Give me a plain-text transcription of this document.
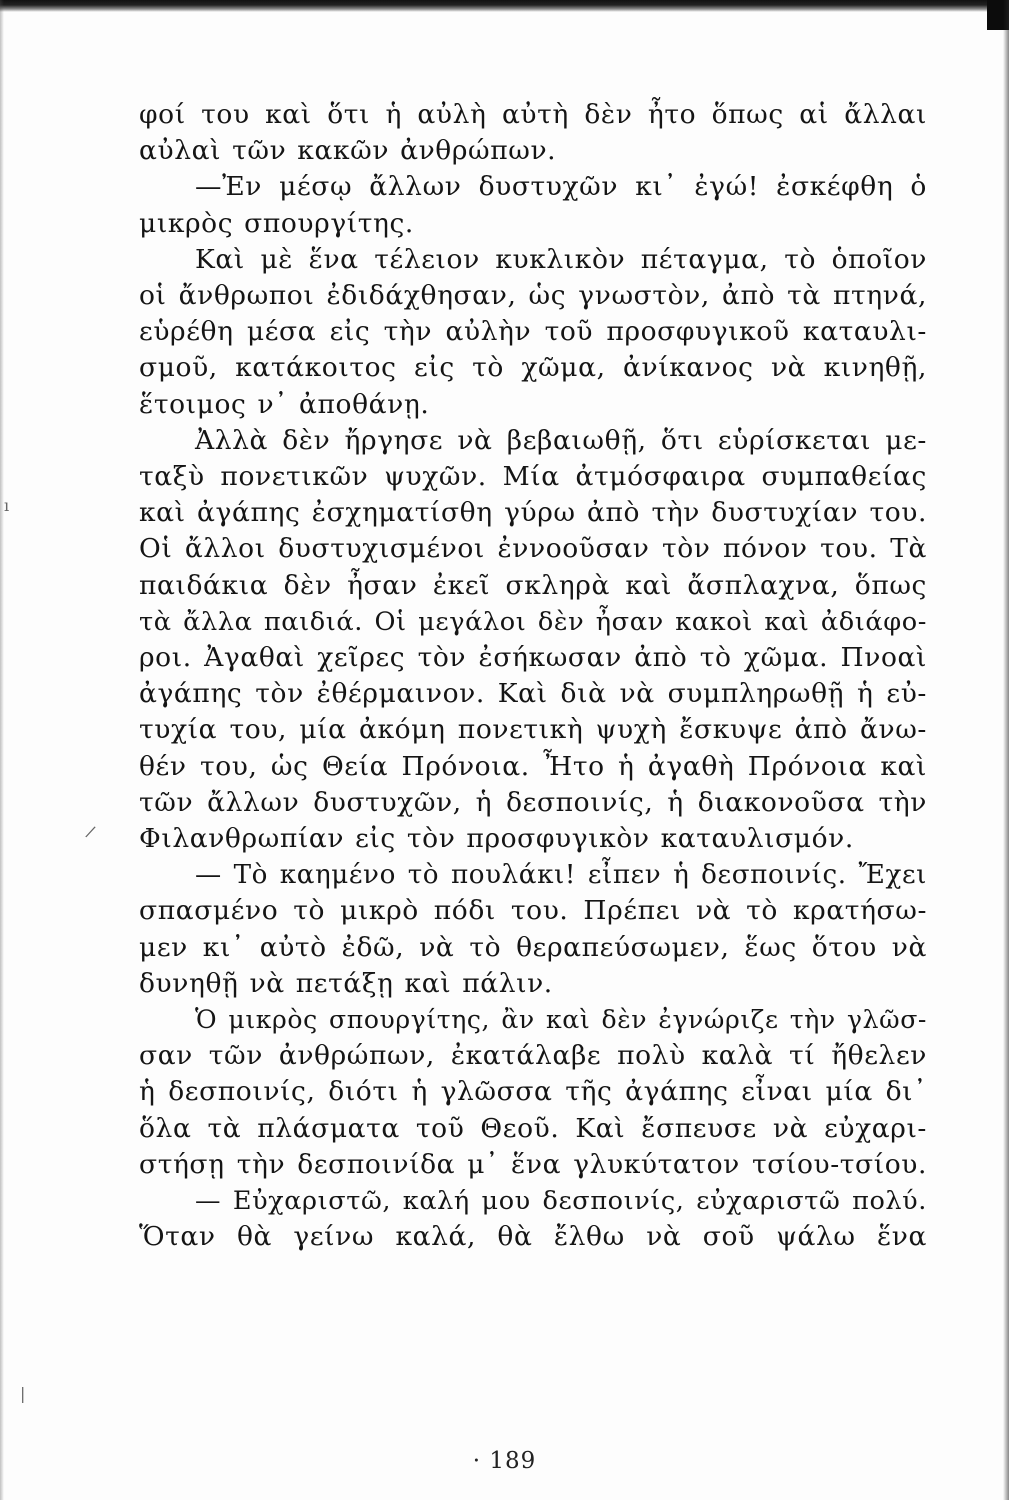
ı
/
|
φοί του καὶ ὅτι ἡ αὐλὴ αὐτὴ δὲν ἦτο ὅπως αἱ ἄλλαι
αὐλαὶ τῶν κακῶν ἀνθρώπων.
—Ἐν μέσῳ ἄλλων δυστυχῶν κι᾽ ἐγώ! ἐσκέφθη ὁ
μικρὸς σπουργίτης.
Καὶ μὲ ἕνα τέλειον κυκλικὸν πέταγμα, τὸ ὁποῖον
οἱ ἄνθρωποι ἐδιδάχθησαν, ὡς γνωστὸν, ἀπὸ τὰ πτηνά,
εὑρέθη μέσα εἰς τὴν αὐλὴν τοῦ προσφυγικοῦ καταυλι-
σμοῦ, κατάκοιτος εἰς τὸ χῶμα, ἀνίκανος νὰ κινηθῇ,
ἕτοιμος ν᾽ ἀποθάνῃ.
Ἀλλὰ δὲν ἤργησε νὰ βεβαιωθῇ, ὅτι εὑρίσκεται με-
ταξὺ πονετικῶν ψυχῶν. Μία ἀτμόσφαιρα συμπαθείας
καὶ ἀγάπης ἐσχηματίσθη γύρω ἀπὸ τὴν δυστυχίαν του.
Οἱ ἄλλοι δυστυχισμένοι ἐννοοῦσαν τὸν πόνον του. Τὰ
παιδάκια δὲν ἦσαν ἐκεῖ σκληρὰ καὶ ἄσπλαχνα, ὅπως
τὰ ἄλλα παιδιά. Οἱ μεγάλοι δὲν ἦσαν κακοὶ καὶ ἀδιάφο-
ροι. Ἀγαθαὶ χεῖρες τὸν ἐσήκωσαν ἀπὸ τὸ χῶμα. Πνοαὶ
ἀγάπης τὸν ἐθέρμαινον. Καὶ διὰ νὰ συμπληρωθῇ ἡ εὐ-
τυχία του, μία ἀκόμη πονετικὴ ψυχὴ ἔσκυψε ἀπὸ ἄνω-
θέν του, ὡς Θεία Πρόνοια. Ἦτο ἡ ἀγαθὴ Πρόνοια καὶ
τῶν ἄλλων δυστυχῶν, ἡ δεσποινίς, ἡ διακονοῦσα τὴν
Φιλανθρωπίαν εἰς τὸν προσφυγικὸν καταυλισμόν.
— Τὸ καημένο τὸ πουλάκι! εἶπεν ἡ δεσποινίς. Ἔχει
σπασμένο τὸ μικρὸ πόδι του. Πρέπει νὰ τὸ κρατήσω-
μεν κι᾽ αὐτὸ ἐδῶ, νὰ τὸ θεραπεύσωμεν, ἕως ὅτου νὰ
δυνηθῇ νὰ πετάξῃ καὶ πάλιν.
Ὁ μικρὸς σπουργίτης, ἂν καὶ δὲν ἐγνώριζε τὴν γλῶσ-
σαν τῶν ἀνθρώπων, ἐκατάλαβε πολὺ καλὰ τί ἤθελεν
ἡ δεσποινίς, διότι ἡ γλῶσσα τῆς ἀγάπης εἶναι μία δι᾽
ὅλα τὰ πλάσματα τοῦ Θεοῦ. Καὶ ἔσπευσε νὰ εὐχαρι-
στήσῃ τὴν δεσποινίδα μ᾽ ἕνα γλυκύτατον τσίου-τσίου.
— Εὐχαριστῶ, καλή μου δεσποινίς, εὐχαριστῶ πολύ.
Ὅταν θὰ γείνω καλά, θὰ ἔλθω νὰ σοῦ ψάλω ἕνα
· 189
